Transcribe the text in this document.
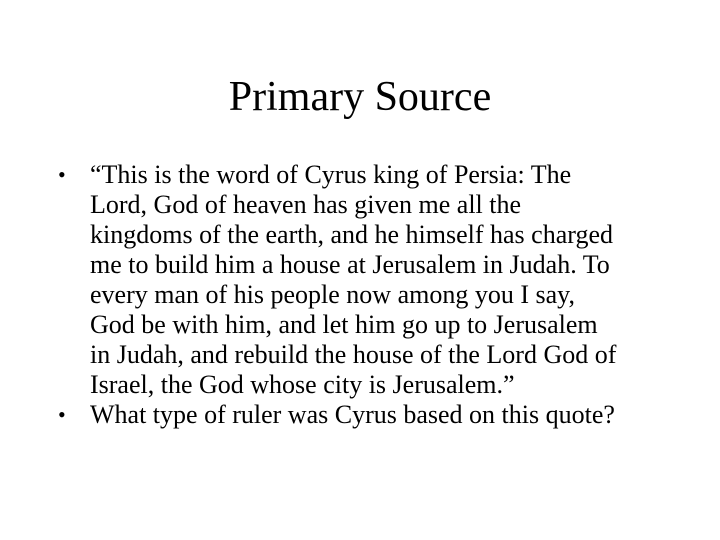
Primary Source
• “This is the word of Cyrus king of Persia: The
Lord, God of heaven has given me all the
kingdoms of the earth, and he himself has charged
me to build him a house at Jerusalem in Judah. To
every man of his people now among you I say,
God be with him, and let him go up to Jerusalem
in Judah, and rebuild the house of the Lord God of
Israel, the God whose city is Jerusalem.”
• What type of ruler was Cyrus based on this quote?
